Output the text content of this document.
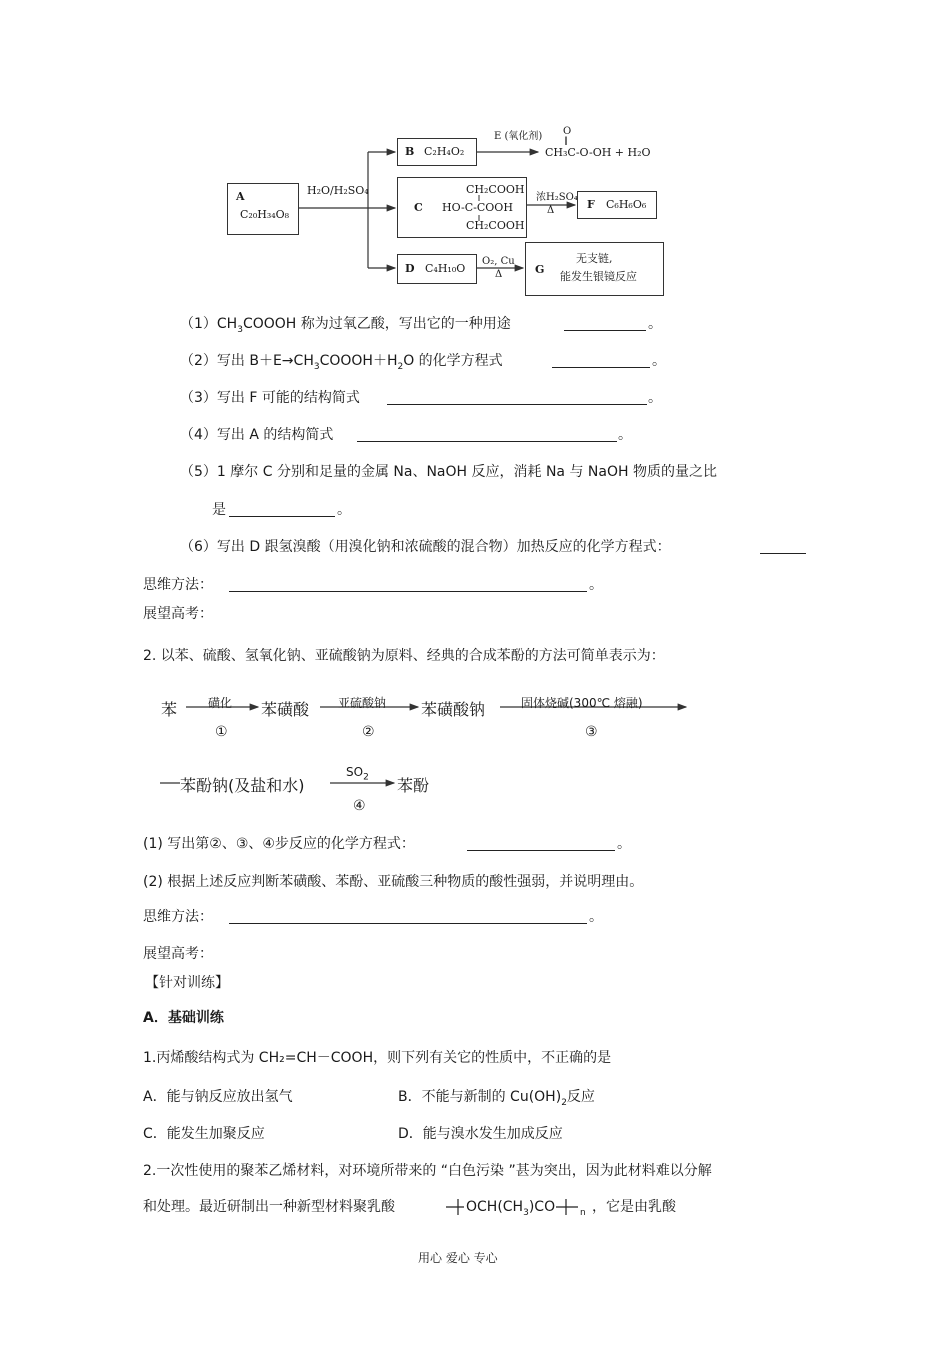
A
C₂₀H₃₄O₈
H₂O/H₂SO₄
B C₂H₄O₂
E (氧化剂) O
‖
CH₃C-O-OH + H₂O
C
CH₂COOH
HO-C-COOH
CH₂COOH
浓H₂SO₄
Δ	F C₆H₆O₆
D C₄H₁₀O
O₂, Cu
Δ	G
无支链,
能发生银镜反应
$(1)CH_3COOOH$ 称为过氧乙酸，写出它的一种用途	。
（2）写出 $B+E\to CH_3COOOH+H_2O$ 的化学方程式	。
（3）写出 F 可能的结构简式	。
（4）写出 A 的结构简式	。
（5）1 摩尔 C 分别和足量的金属 Na、NaOH 反应，消耗 Na 与 NaOH 物质的量之比
是	。
（6）写出 D 跟氢溴酸（用溴化钠和浓硫酸的混合物）加热反应的化学方程式：
思维方法：	。
展望高考：
2. 以苯、硫酸、氢氧化钠、亚硫酸钠为原料、经典的合成苯酚的方法可简单表示为：
苯	磺化
①
苯磺酸 亚硫酸钠
②
苯磺酸钠	固体烧碱(300℃ 熔融)
③
苯酚钠(及盐和水)
$SO_2$
④
苯酚
(1) 写出第②、③、④步反应的化学方程式：	。
(2) 根据上述反应判断苯磺酸、苯酚、亚硫酸三种物质的酸性强弱，并说明理由。
思维方法：	。
展望高考：
【针对训练】
A．基础训练
1.丙烯酸结构式为 CH₂=CH－COOH，则下列有关它的性质中，不正确的是
A．能与钠反应放出氢气	B．不能与新制的 $Cu(OH)_2$反应
C．能发生加聚反应	D．能与溴水发生加成反应
2.一次性使用的聚苯乙烯材料，对环境所带来的 “白色污染 ”甚为突出，因为此材料难以分解
和处理。最近研制出一种新型材料聚乳酸	$OCH(CH_3)CO$	n ，它是由乳酸
用心 爱心 专心
